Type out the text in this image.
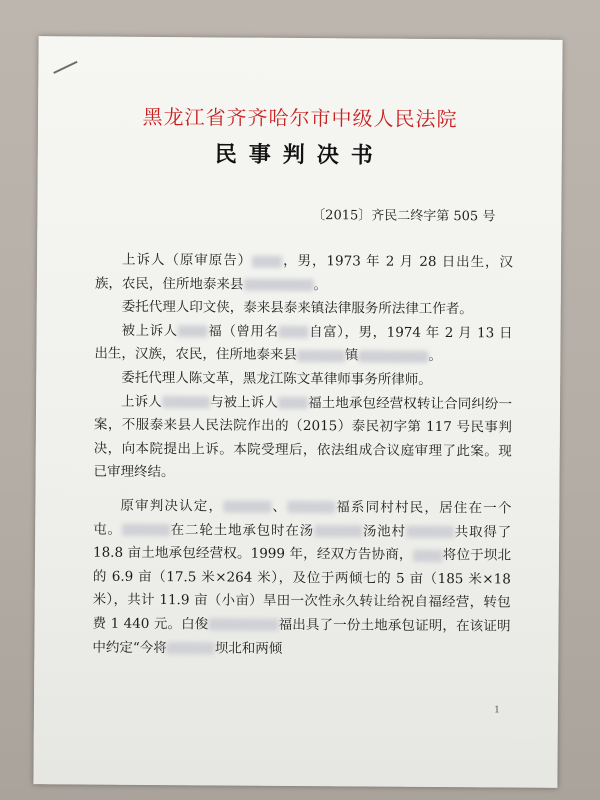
黑龙江省齐齐哈尔市中级人民法院
民事判决书
〔2015〕齐民二终字第 505 号

上诉人（原审原告） ，男，1973 年 2 月 28 日出生，汉族，农民，住所地泰来县	。

委托代理人印文侠，泰来县泰来镇法律服务所法律工作者。

被上诉人 福（曾用名 自富），男，1974 年 2 月 13 日出生，汉族，农民，住所地泰来县	镇	。

委托代理人陈文革，黑龙江陈文革律师事务所律师。

上诉人	与被上诉人 福土地承包经营权转让合同纠纷一案，不服泰来县人民法院作出的（2015）泰民初字第 117 号民事判决，向本院提出上诉。本院受理后，依法组成合议庭审理了此案。现已审理终结。

原审判决认定，	、	福系同村村民，居住在一个屯。	在二轮土地承包时在汤	汤池村	共取得了 18.8 亩土地承包经营权。1999 年，经双方告协商， 将位于坝北的 6.9 亩（17.5 米×264 米），及位于两倾七的 5 亩（185 米×18 米），共计 11.9 亩（小亩）旱田一次性永久转让给祝自福经营，转包费 1 440 元。白俊	福出具了一份土地承包证明，在该证明中约定“今将	坝北和两倾

1
